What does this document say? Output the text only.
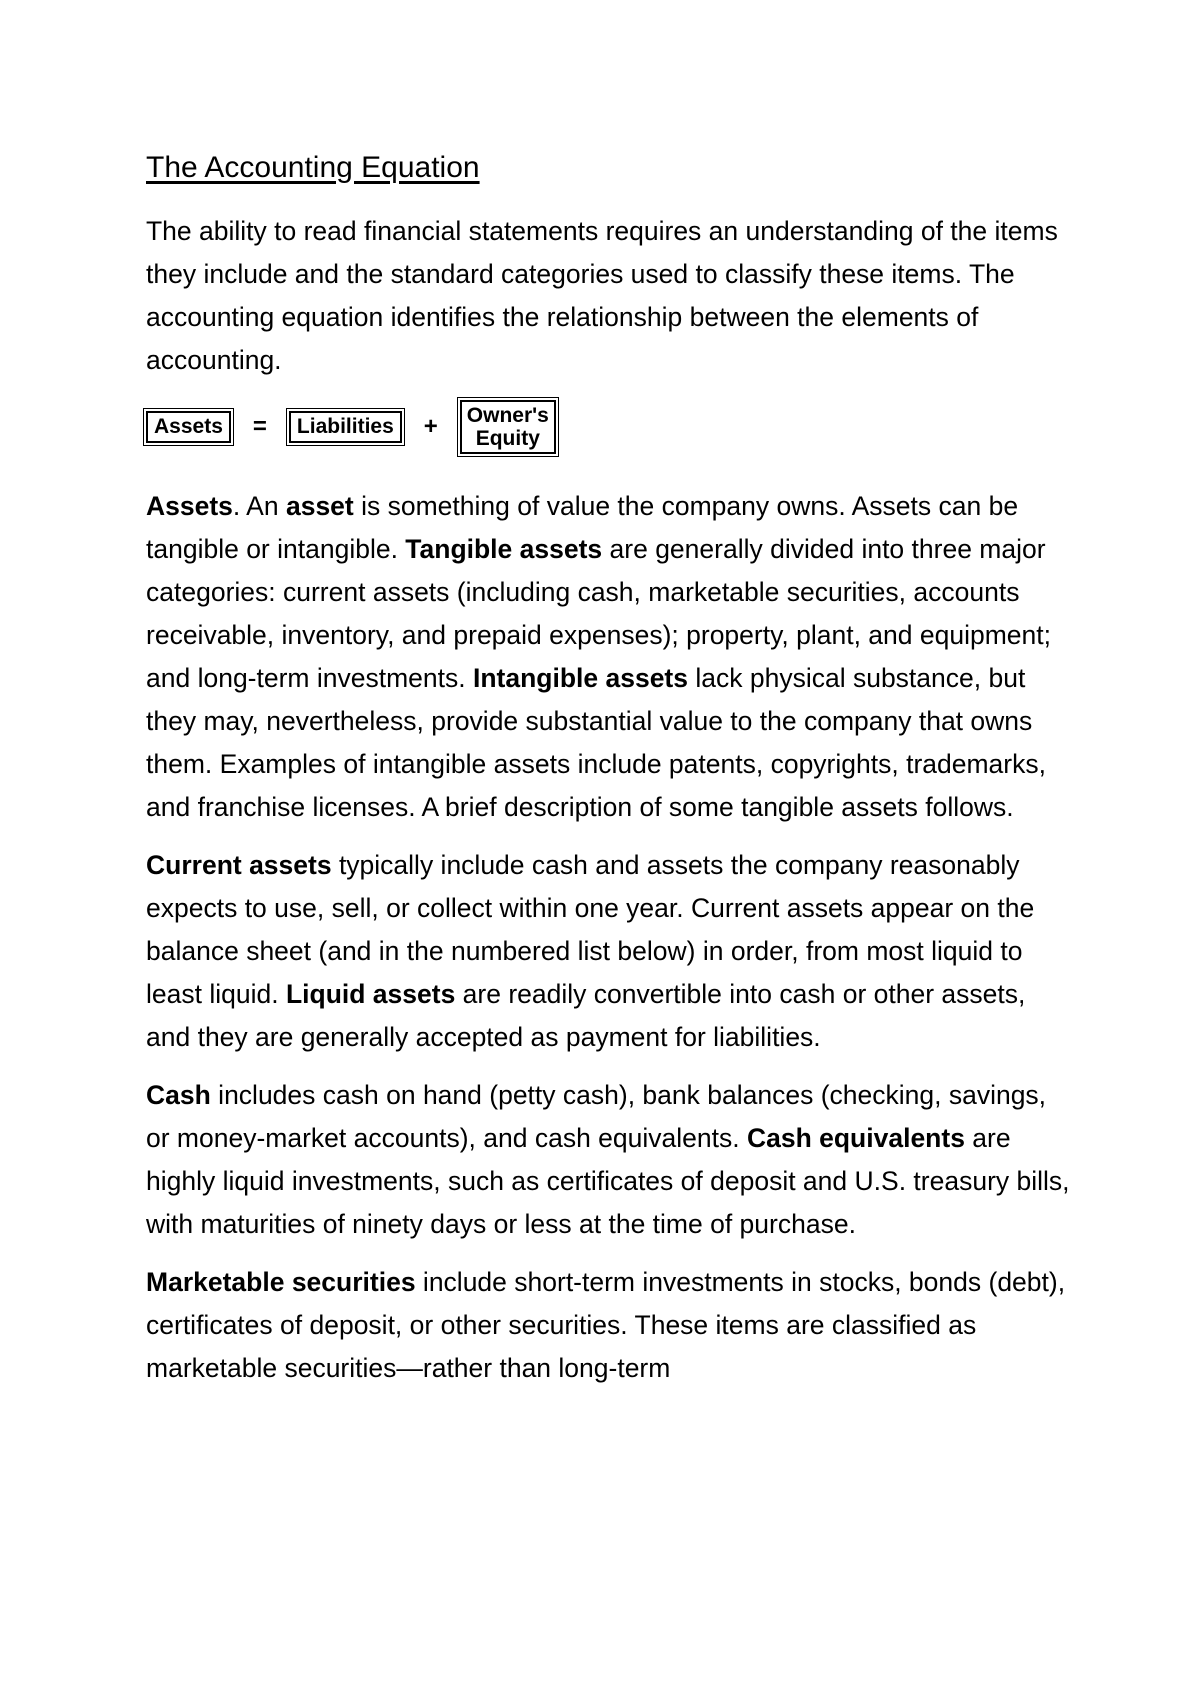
The Accounting Equation

The ability to read financial statements requires an understanding of the items they include and the standard categories used to classify these items. The accounting equation identifies the relationship between the elements of accounting.

Assets	=	Liabilities	+ Owner's
Equity

Assets. An asset is something of value the company owns. Assets can be tangible or intangible. Tangible assets are generally divided into three major categories: current assets (including cash, marketable securities, accounts receivable, inventory, and prepaid expenses); property, plant, and equipment; and long-term investments. Intangible assets lack physical substance, but they may, nevertheless, provide substantial value to the company that owns them. Examples of intangible assets include patents, copyrights, trademarks, and franchise licenses. A brief description of some tangible assets follows.

Current assets typically include cash and assets the company reasonably expects to use, sell, or collect within one year. Current assets appear on the balance sheet (and in the numbered list below) in order, from most liquid to least liquid. Liquid assets are readily convertible into cash or other assets, and they are generally accepted as payment for liabilities.

Cash includes cash on hand (petty cash), bank balances (checking, savings, or money-market accounts), and cash equivalents. Cash equivalents are highly liquid investments, such as certificates of deposit and U.S. treasury bills, with maturities of ninety days or less at the time of purchase.

Marketable securities include short-term investments in stocks, bonds (debt), certificates of deposit, or other securities. These items are classified as marketable securities—rather than long-term
